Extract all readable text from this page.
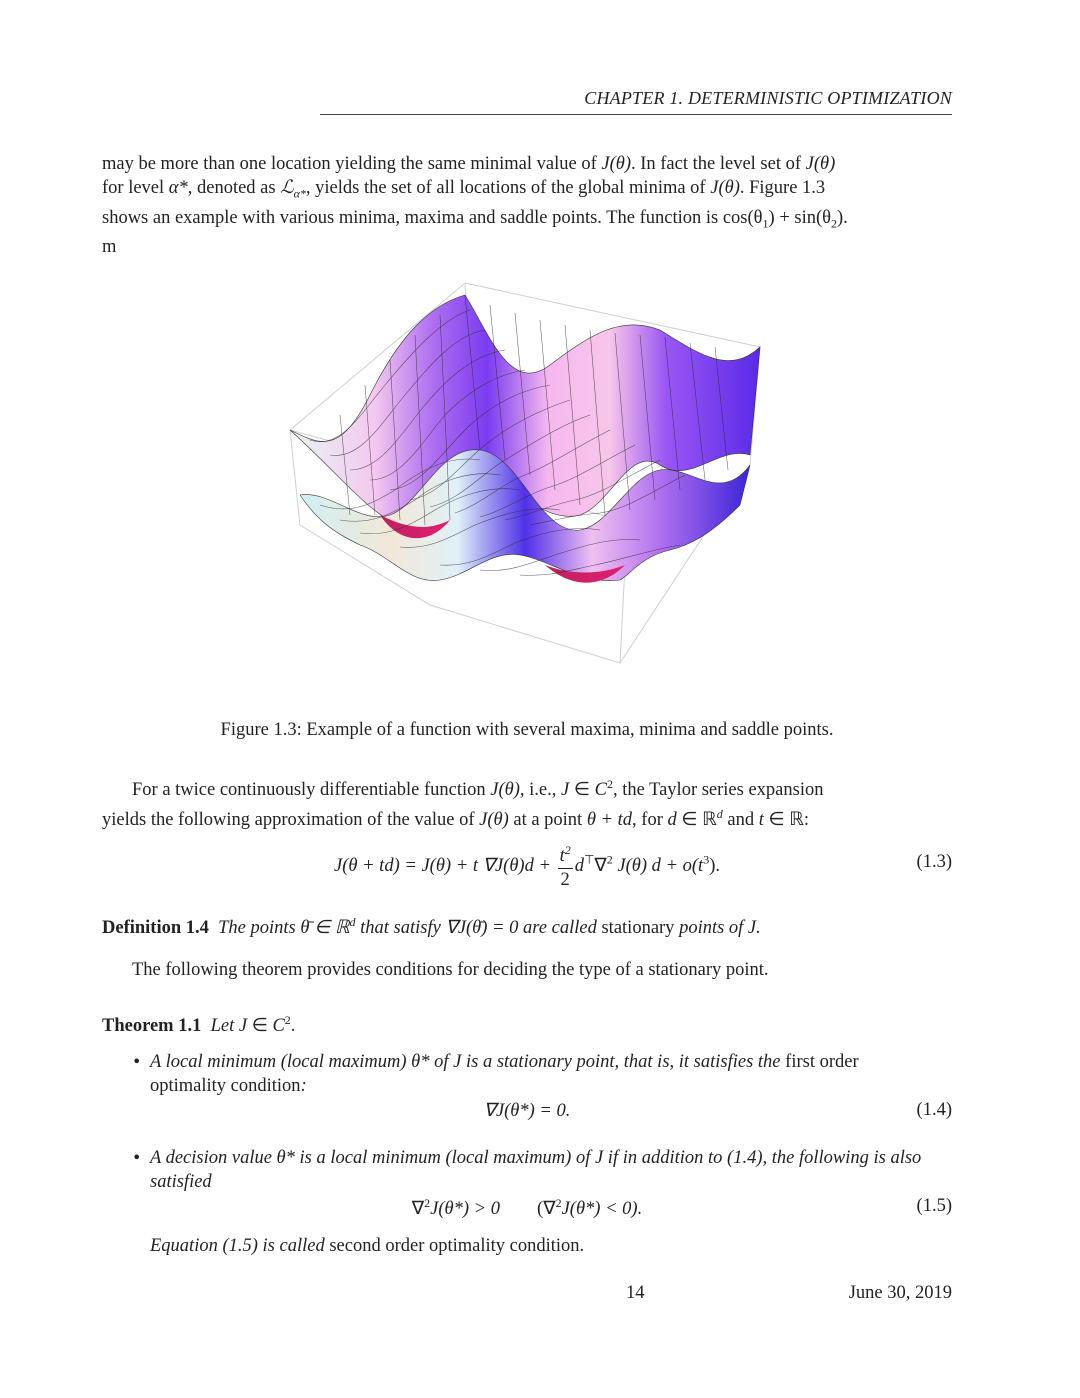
CHAPTER 1. DETERMINISTIC OPTIMIZATION

may be more than one location yielding the same minimal value of J(θ). In fact the level set of J(θ)

for level α*, denoted as ℒ$_{\alpha*}$, yields the set of all locations of the global minima of J(θ). Figure 1.3

shows an example with various minima, maxima and saddle points. The function is $\cos(\theta_1) + \sin(\theta_2)$.

m

Figure 1.3: Example of a function with several maxima, minima and saddle points.

For a twice continuously differentiable function J(θ), i.e., J ∈ $C^2$, the Taylor series expansion

yields the following approximation of the value of J(θ) at a point θ + td, for d ∈ ℝ$^d$ and t ∈ ℝ:

J(θ + td) = J(θ) + t $\nabla J(\theta)d + \frac{t^2}{2} d^⊤\nabla^2$ J(θ) $d + o(t^3)$.	(1.3)

Definition 1.4 The points θ̄ ∈ ℝ$^d$ that satisfy ∇J(θ̄) = 0 are called stationary points of J.

The following theorem provides conditions for deciding the type of a stationary point.

Theorem 1.1 Let J ∈ $C^2$.

• A local minimum (local maximum) θ* of J is a stationary point, that is, it satisfies the first order
optimality condition:
∇J(θ*) = 0.	(1.4)
• A decision value θ* is a local minimum (local maximum) of J if in addition to (1.4), the following is also
satisfied
∇$^2$J(θ*) > 0 (∇$^2$J(θ*) < 0).	(1.5)
Equation (1.5) is called second order optimality condition.
14	June 30, 2019
